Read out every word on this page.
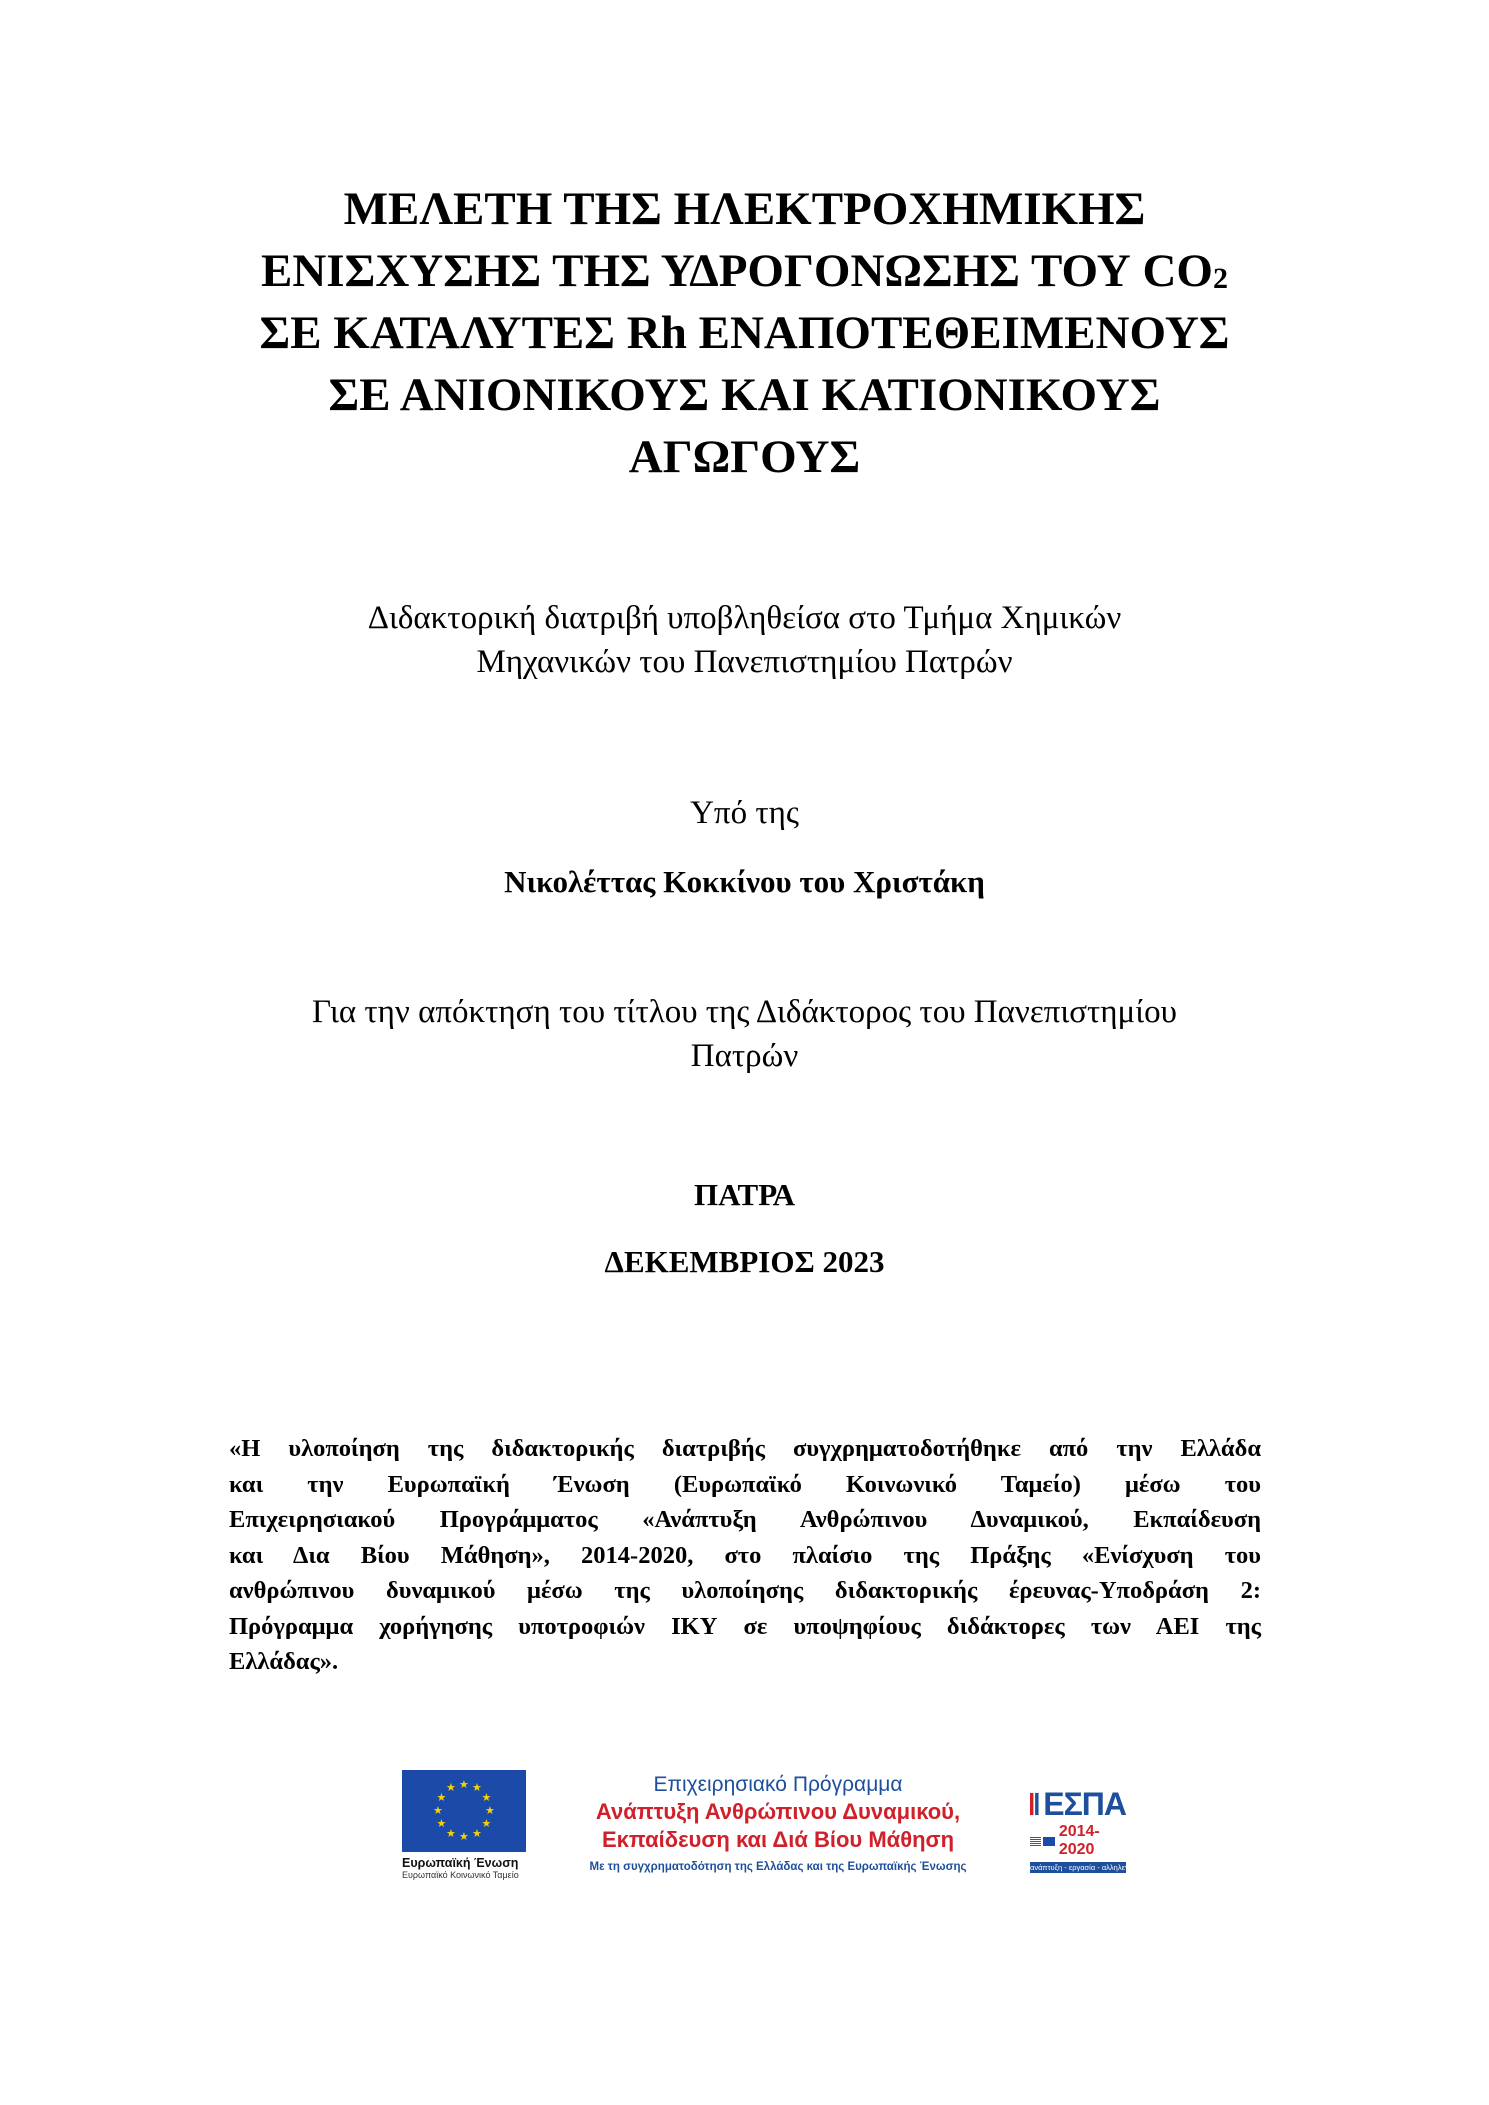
ΜΕΛΕΤΗ ΤΗΣ ΗΛΕΚΤΡΟΧΗΜΙΚΗΣ
ΕΝΙΣΧΥΣΗΣ ΤΗΣ ΥΔΡΟΓΟΝΩΣΗΣ ΤΟΥ $CO_2$
ΣΕ ΚΑΤΑΛΥΤΕΣ Rh ΕΝΑΠΟΤΕΘΕΙΜΕΝΟΥΣ
ΣΕ ΑΝΙΟΝΙΚΟΥΣ ΚΑΙ ΚΑΤΙΟΝΙΚΟΥΣ
ΑΓΩΓΟΥΣ
Διδακτορική διατριβή υποβληθείσα στο Τμήμα Χημικών
Μηχανικών του Πανεπιστημίου Πατρών
Υπό της
Νικολέττας Κοκκίνου του Χριστάκη
Για την απόκτηση του τίτλου της Διδάκτορος του Πανεπιστημίου
Πατρών
ΠΑΤΡΑ
ΔΕΚΕΜΒΡΙΟΣ 2023
«Η υλοποίηση της διδακτορικής διατριβής συγχρηματοδοτήθηκε από την Ελλάδα
και την Ευρωπαϊκή Ένωση (Ευρωπαϊκό Κοινωνικό Ταμείο) μέσω του
Επιχειρησιακού Προγράμματος «Ανάπτυξη Ανθρώπινου Δυναμικού, Εκπαίδευση
και Δια Βίου Μάθηση», 2014-2020, στο πλαίσιο της Πράξης «Ενίσχυση του
ανθρώπινου δυναμικού μέσω της υλοποίησης διδακτορικής έρευνας-Υποδράση 2:
Πρόγραμμα χορήγησης υποτροφιών ΙΚΥ σε υποψηφίους διδάκτορες των ΑΕΙ της
Ελλάδας».
★ ★
★
★
★
★
★
★
★
★
★
★
Ευρωπαϊκή Ένωση
Ευρωπαϊκό Κοινωνικό Ταμείο
Επιχειρησιακό Πρόγραμμα
Ανάπτυξη Ανθρώπινου Δυναμικού,
Εκπαίδευση και Διά Βίου Μάθηση
Με τη συγχρηματοδότηση της Ελλάδας και της Ευρωπαϊκής Ένωσης
ΕΣΠΑ
2014-2020
ανάπτυξη - εργασία - αλληλεγγύη
